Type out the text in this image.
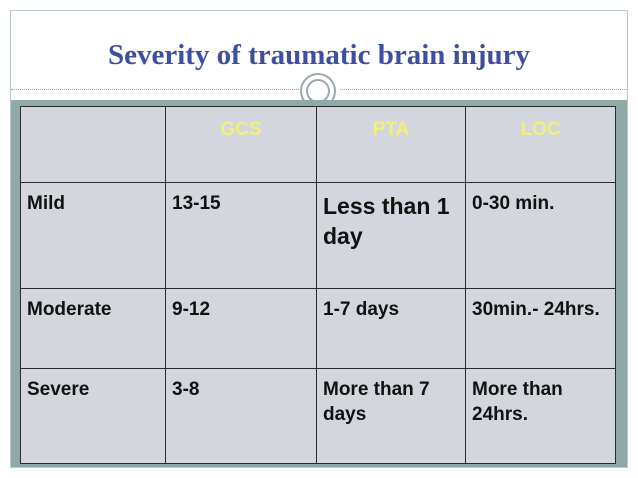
Severity of traumatic brain injury
	GCS	PTA	LOC
Mild	13-15	Less than 1 day	0-30 min.
Moderate	9-12	1-7 days	30min.- 24hrs.
Severe	3-8	More than 7 days	More than 24hrs.
